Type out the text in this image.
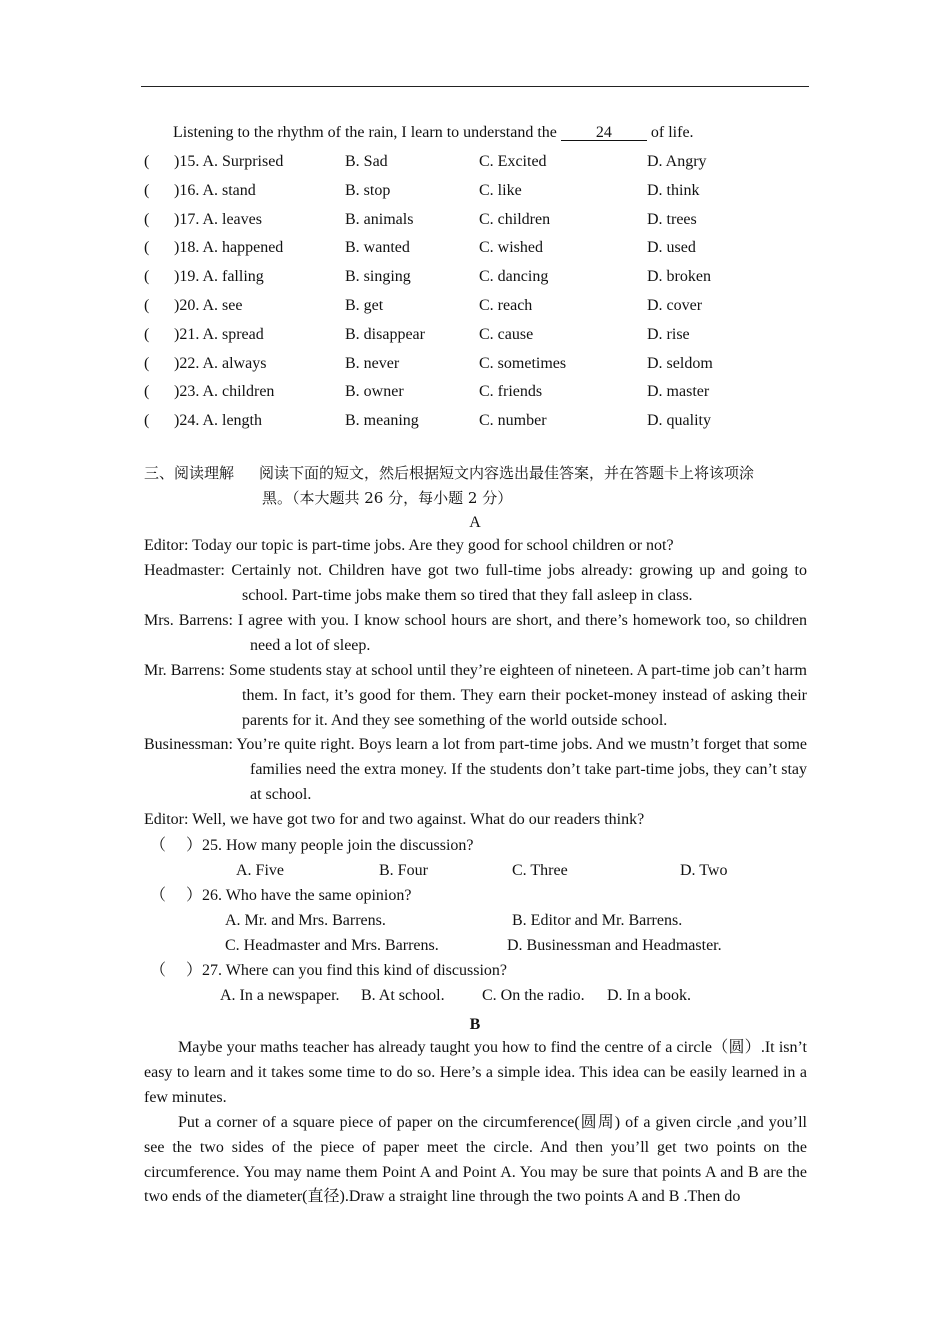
Listening to the rhythm of the rain, I learn to understand the 24 of life.
( )15. A. Surprised	B. Sad	C. Excited	D. Angry
( )16. A. stand	B. stop	C. like	D. think
( )17. A. leaves	B. animals	C. children	D. trees
( )18. A. happened	B. wanted	C. wished	D. used
( )19. A. falling	B. singing	C. dancing	D. broken
( )20. A. see	B. get	C. reach	D. cover
( )21. A. spread	B. disappear	C. cause	D. rise
( )22. A. always	B. never	C. sometimes	D. seldom
( )23. A. children	B. owner	C. friends	D. master
( )24. A. length	B. meaning	C. number	D. quality
三、阅读理解 阅读下面的短文，然后根据短文内容选出最佳答案，并在答题卡上将该项涂
黑。（本大题共 26 分，每小题 2 分）
A
Editor: Today our topic is part-time jobs. Are they good for school children or not?
Headmaster: Certainly not. Children have got two full-time jobs already: growing up and going to school. Part-time jobs make them so tired that they fall asleep in class.
Mrs. Barrens: I agree with you. I know school hours are short, and there’s homework too, so children need a lot of sleep.
Mr. Barrens: Some students stay at school until they’re eighteen of nineteen. A part-time job can’t harm them. In fact, it’s good for them. They earn their pocket-money instead of asking their parents for it. And they see something of the world outside school.
Businessman: You’re quite right. Boys learn a lot from part-time jobs. And we mustn’t forget that some families need the extra money. If the students don’t take part-time jobs, they can’t stay at school.
Editor: Well, we have got two for and two against. What do our readers think?
（ ）25. How many people join the discussion?
A. Five	B. Four	C. Three	D. Two
（ ）26. Who have the same opinion?
A. Mr. and Mrs. Barrens.	B. Editor and Mr. Barrens.
C. Headmaster and Mrs. Barrens.	D. Businessman and Headmaster.
（ ）27. Where can you find this kind of discussion?
A. In a newspaper. B. At school. C. On the radio. D. In a book.
B
Maybe your maths teacher has already taught you how to find the centre of a circle（圆）.It isn’t easy to learn and it takes some time to do so. Here’s a simple idea. This idea can be easily learned in a few minutes.
Put a corner of a square piece of paper on the circumference(圆周) of a given circle ,and you’ll see the two sides of the piece of paper meet the circle. And then you’ll get two points on the circumference. You may name them Point A and Point A. You may be sure that points A and B are the two ends of the diameter(直径).Draw a straight line through the two points A and B .Then do
